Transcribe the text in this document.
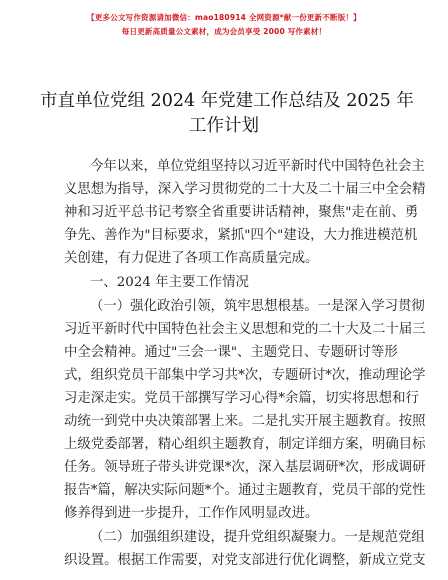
【更多公文写作资源请加微信：mao180914 全网资源*献一份更新不断版！】
每日更新高质量公文素材，成为会员享受 2000 写作素材！
市直单位党组 2024 年党建工作总结及 2025 年
工作计划
今年以来，单位党组坚持以习近平新时代中国特色社会主
义思想为指导，深入学习贯彻党的二十大及二十届三中全会精
神和习近平总书记考察全省重要讲话精神，聚焦"走在前、勇
争先、善作为"目标要求，紧抓"四个"建设，大力推进模范机
关创建，有力促进了各项工作高质量完成。
一、2024 年主要工作情况
（一）强化政治引领，筑牢思想根基。一是深入学习贯彻
习近平新时代中国特色社会主义思想和党的二十大及二十届三
中全会精神。通过"三会一课"、主题党日、专题研讨等形
式，组织党员干部集中学习共*次，专题研讨*次，推动理论学
习走深走实。党员干部撰写学习心得*余篇，切实将思想和行
动统一到党中央决策部署上来。二是扎实开展主题教育。按照
上级党委部署，精心组织主题教育，制定详细方案，明确目标
任务。领导班子带头讲党课*次，深入基层调研*次，形成调研
报告*篇，解决实际问题*个。通过主题教育，党员干部的党性
修养得到进一步提升，工作作风明显改进。
（二）加强组织建设，提升党组织凝聚力。一是规范党组
织设置。根据工作需要，对党支部进行优化调整，新成立党支
